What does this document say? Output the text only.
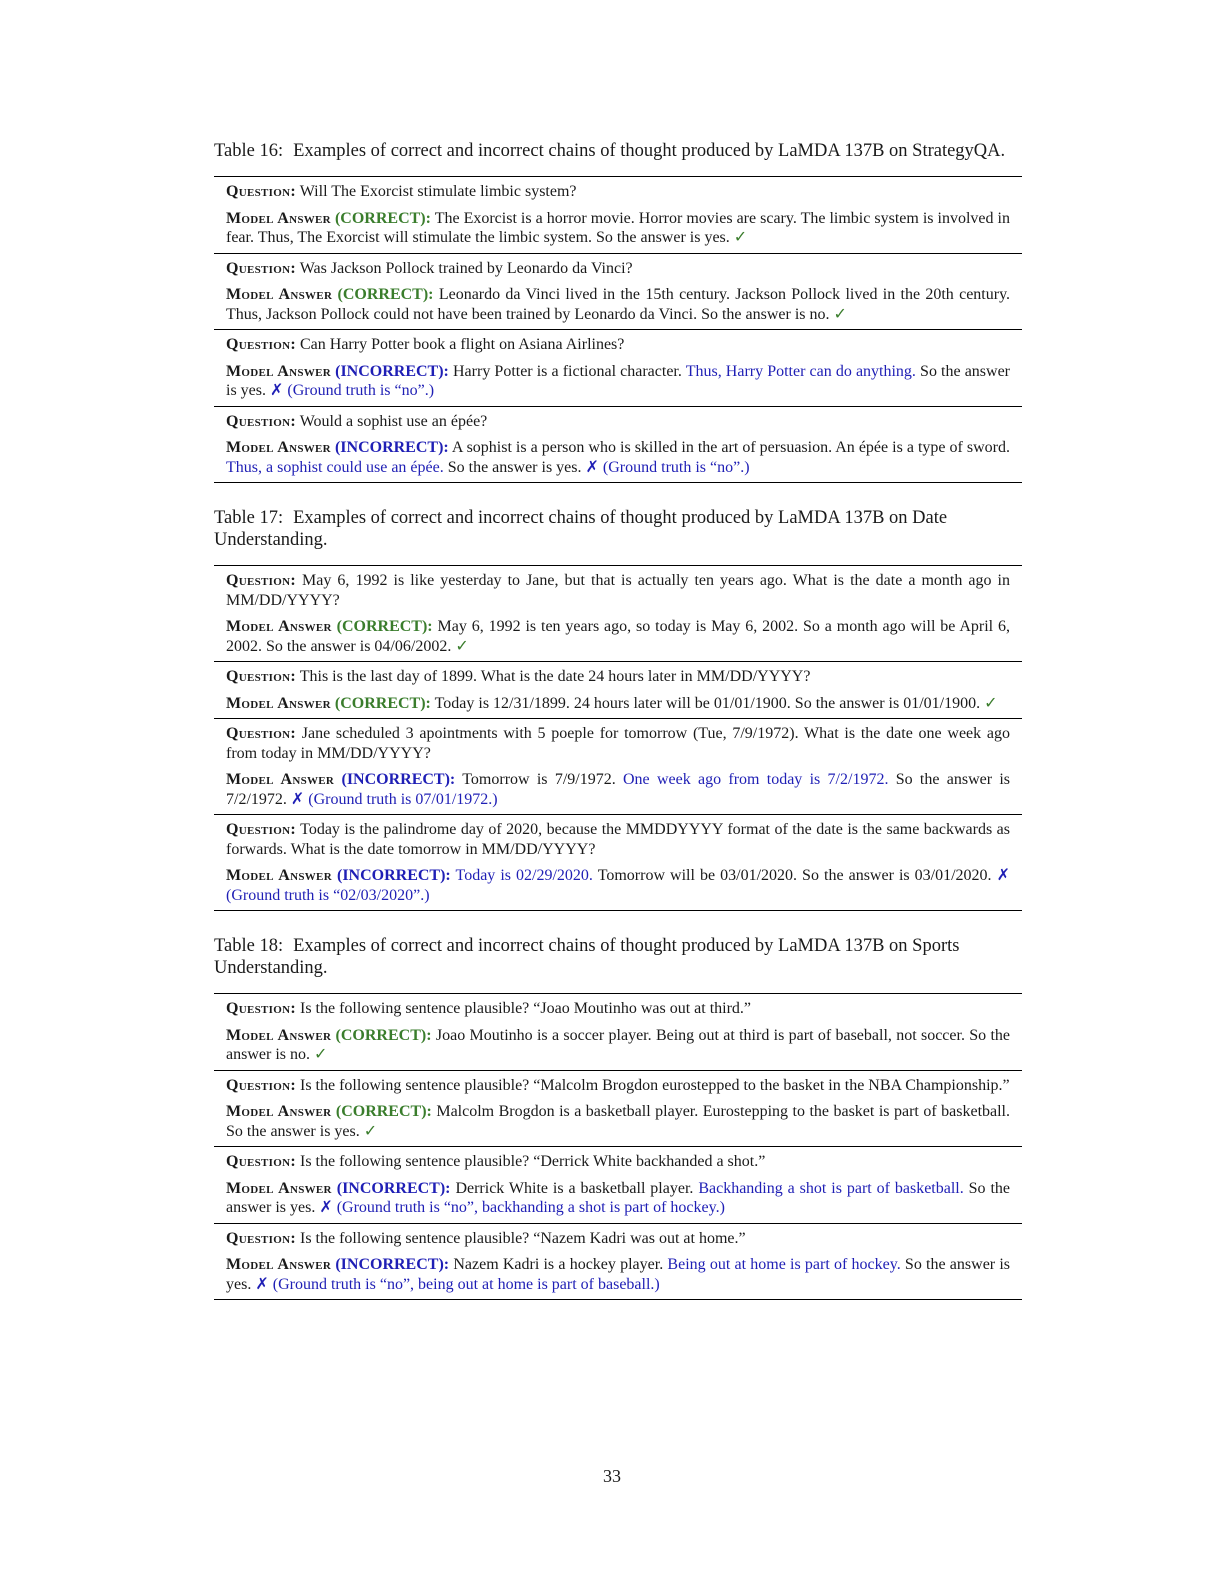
Table 16: Examples of correct and incorrect chains of thought produced by LaMDA 137B on StrategyQA.
Question: Will The Exorcist stimulate limbic system?
Model Answer (CORRECT): The Exorcist is a horror movie. Horror movies are scary. The limbic system is involved in fear. Thus, The Exorcist will stimulate the limbic system. So the answer is yes. ✓
Question: Was Jackson Pollock trained by Leonardo da Vinci?
Model Answer (CORRECT): Leonardo da Vinci lived in the 15th century. Jackson Pollock lived in the 20th century. Thus, Jackson Pollock could not have been trained by Leonardo da Vinci. So the answer is no. ✓
Question: Can Harry Potter book a flight on Asiana Airlines?
Model Answer (INCORRECT): Harry Potter is a fictional character. Thus, Harry Potter can do anything. So the answer is yes. ✗ (Ground truth is “no”.)
Question: Would a sophist use an épée?
Model Answer (INCORRECT): A sophist is a person who is skilled in the art of persuasion. An épée is a type of sword. Thus, a sophist could use an épée. So the answer is yes. ✗ (Ground truth is “no”.)
Table 17: Examples of correct and incorrect chains of thought produced by LaMDA 137B on Date Understanding.
Question: May 6, 1992 is like yesterday to Jane, but that is actually ten years ago. What is the date a month ago in MM/DD/YYYY?
Model Answer (CORRECT): May 6, 1992 is ten years ago, so today is May 6, 2002. So a month ago will be April 6, 2002. So the answer is 04/06/2002. ✓
Question: This is the last day of 1899. What is the date 24 hours later in MM/DD/YYYY?
Model Answer (CORRECT): Today is 12/31/1899. 24 hours later will be 01/01/1900. So the answer is 01/01/1900. ✓
Question: Jane scheduled 3 apointments with 5 poeple for tomorrow (Tue, 7/9/1972). What is the date one week ago from today in MM/DD/YYYY?
Model Answer (INCORRECT): Tomorrow is 7/9/1972. One week ago from today is 7/2/1972. So the answer is 7/2/1972. ✗ (Ground truth is 07/01/1972.)
Question: Today is the palindrome day of 2020, because the MMDDYYYY format of the date is the same backwards as forwards. What is the date tomorrow in MM/DD/YYYY?
Model Answer (INCORRECT): Today is 02/29/2020. Tomorrow will be 03/01/2020. So the answer is 03/01/2020. ✗ (Ground truth is “02/03/2020”.)
Table 18: Examples of correct and incorrect chains of thought produced by LaMDA 137B on Sports Understanding.
Question: Is the following sentence plausible? “Joao Moutinho was out at third.”
Model Answer (CORRECT): Joao Moutinho is a soccer player. Being out at third is part of baseball, not soccer. So the answer is no. ✓
Question: Is the following sentence plausible? “Malcolm Brogdon eurostepped to the basket in the NBA Championship.”
Model Answer (CORRECT): Malcolm Brogdon is a basketball player. Eurostepping to the basket is part of basketball. So the answer is yes. ✓
Question: Is the following sentence plausible? “Derrick White backhanded a shot.”
Model Answer (INCORRECT): Derrick White is a basketball player. Backhanding a shot is part of basketball. So the answer is yes. ✗ (Ground truth is “no”, backhanding a shot is part of hockey.)
Question: Is the following sentence plausible? “Nazem Kadri was out at home.”
Model Answer (INCORRECT): Nazem Kadri is a hockey player. Being out at home is part of hockey. So the answer is yes. ✗ (Ground truth is “no”, being out at home is part of baseball.)
33
